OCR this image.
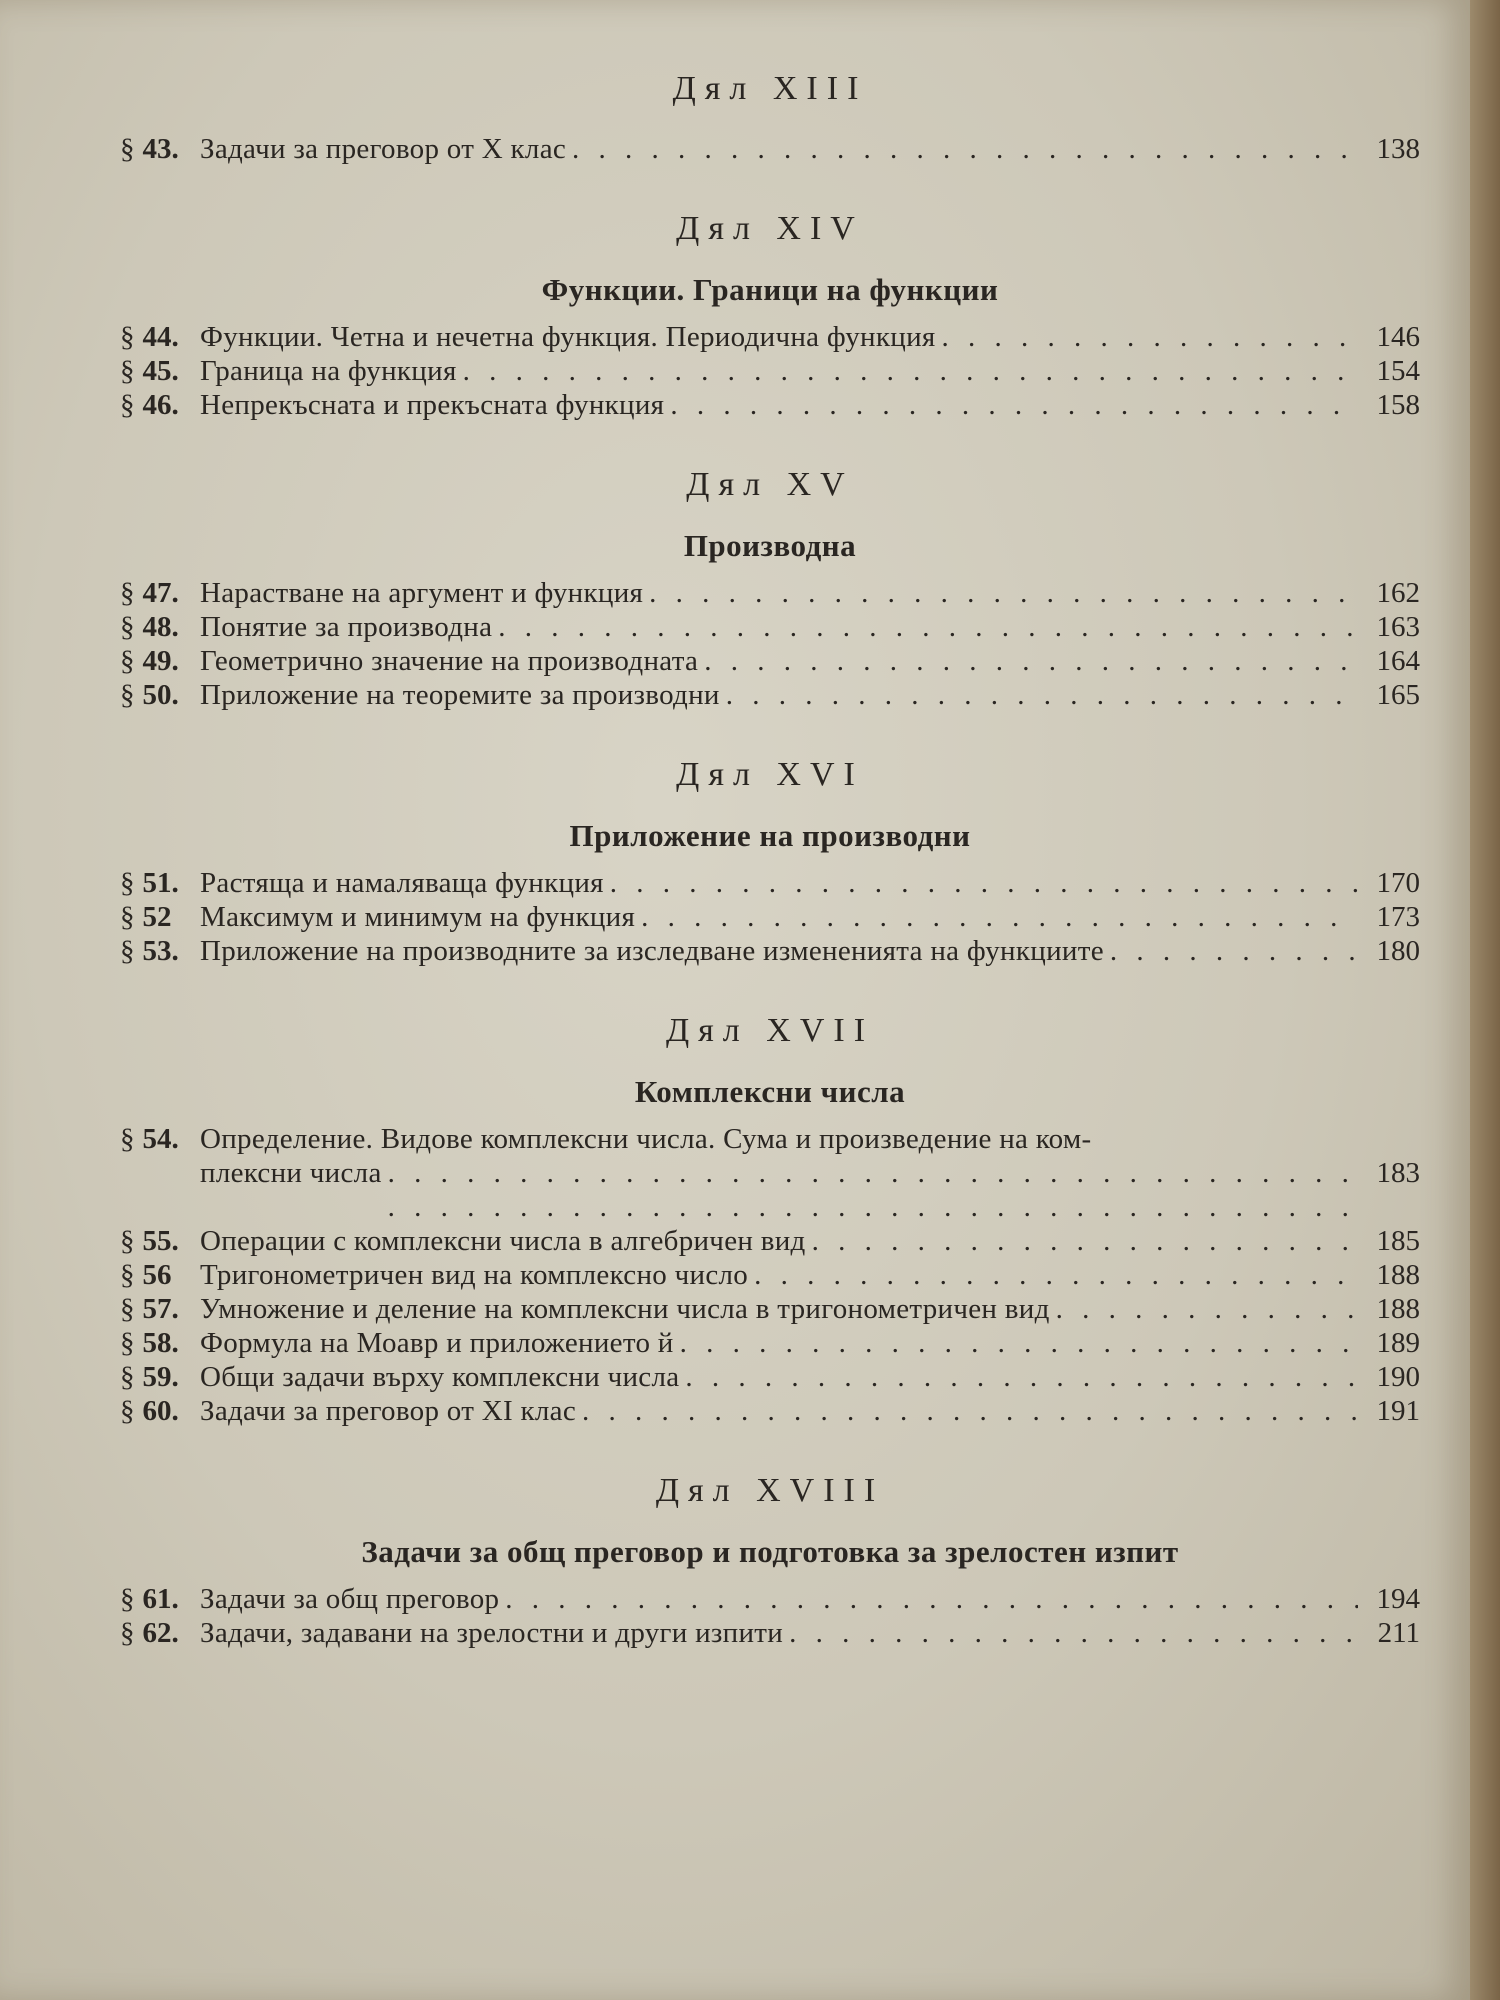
Дял XIII
§ 43. Задачи за преговор от X клас . . .	138
Дял XIV
Функции. Граници на функции
§ 44. Функции. Четна и нечетна функция. Периодична функция . . .	146
§ 45. Граница на функция . . .	154
§ 46. Непрекъсната и прекъсната функция . . .	158
Дял XV
Производна
§ 47. Нарастване на аргумент и функция . . .	162
§ 48. Понятие за производна . . .	163
§ 49. Геометрично значение на производната . . .	164
§ 50. Приложение на теоремите за производни . . .	165
Дял XVI
Приложение на производни
§ 51. Растяща и намаляваща функция . . .	170
§ 52 Максимум и минимум на функция . . .	173
§ 53. Приложение на производните за изследване измененията на функциите . . .	180
Дял XVII
Комплексни числа
§ 54. Определение. Видове комплексни числа. Сума и произведение на ком-
плексни числа . . .	183
§ 55. Операции с комплексни числа в алгебричен вид . . .	185
§ 56 Тригонометричен вид на комплексно число . . .	188
§ 57. Умножение и деление на комплексни числа в тригонометричен вид . . .	188
§ 58. Формула на Моавр и приложението й . . .	189
§ 59. Общи задачи върху комплексни числа . . .	190
§ 60. Задачи за преговор от XI клас . . .	191
Дял XVIII
Задачи за общ преговор и подготовка за зрелостен изпит
§ 61. Задачи за общ преговор . . .	194
§ 62. Задачи, задавани на зрелостни и други изпити . . .	211
